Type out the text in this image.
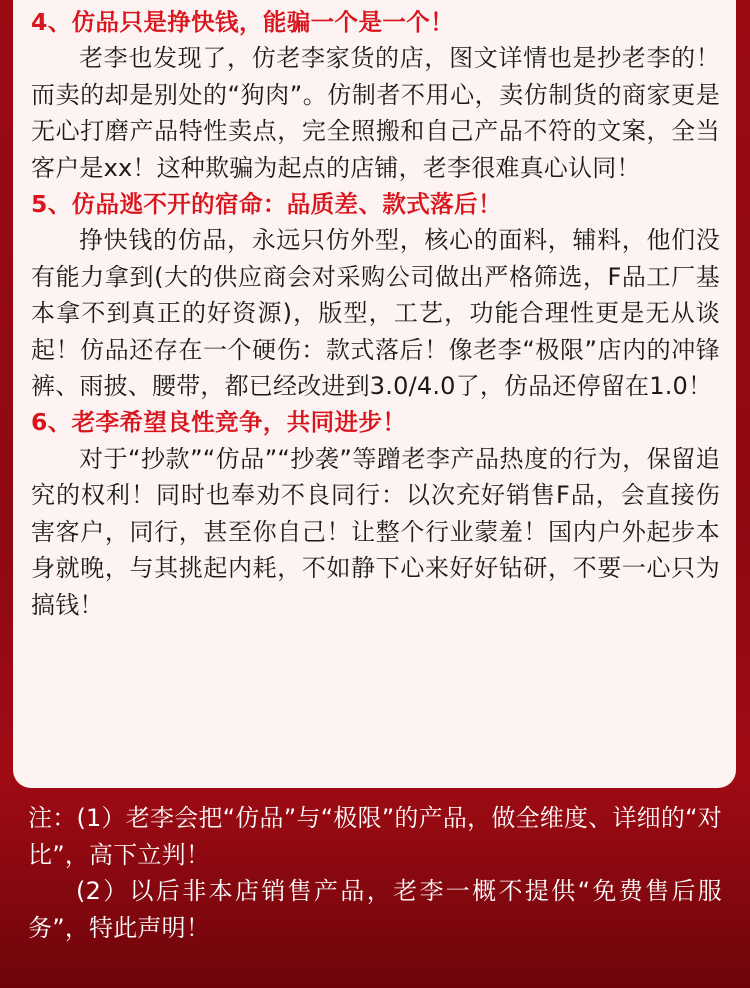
4、仿品只是挣快钱，能骗一个是一个！

老李也发现了，仿老李家货的店，图文详情也是抄老李的！而卖的却是别处的“狗肉”。仿制者不用心，卖仿制货的商家更是无心打磨产品特性卖点，完全照搬和自己产品不符的文案，全当客户是xx！这种欺骗为起点的店铺，老李很难真心认同！

5、仿品逃不开的宿命：品质差、款式落后！

挣快钱的仿品，永远只仿外型，核心的面料，辅料，他们没有能力拿到(大的供应商会对采购公司做出严格筛选，F品工厂基本拿不到真正的好资源)，版型，工艺，功能合理性更是无从谈起！仿品还存在一个硬伤：款式落后！像老李“极限”店内的冲锋裤、雨披、腰带，都已经改进到3.0/4.0了，仿品还停留在1.0！

6、老李希望良性竞争，共同进步！

对于“抄款”“仿品”“抄袭”等蹭老李产品热度的行为，保留追究的权利！同时也奉劝不良同行：以次充好销售F品，会直接伤害客户，同行，甚至你自己！让整个行业蒙羞！国内户外起步本身就晚，与其挑起内耗，不如静下心来好好钻研，不要一心只为搞钱！

注：(1）老李会把“仿品”与“极限”的产品，做全维度、详细的“对比”，高下立判！

(2）以后非本店销售产品，老李一概不提供“免费售后服务”，特此声明！
